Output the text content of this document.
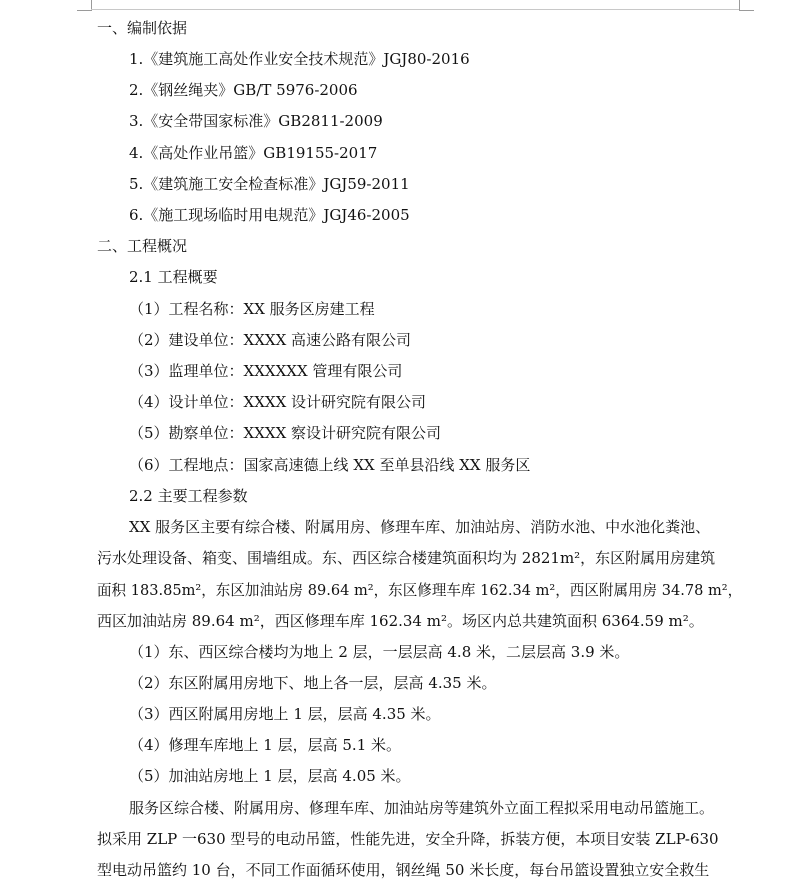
一、编制依据
1.《建筑施工高处作业安全技术规范》JGJ80-2016
2.《钢丝绳夹》GB/T 5976-2006
3.《安全带国家标准》GB2811-2009
4.《高处作业吊篮》GB19155-2017
5.《建筑施工安全检查标准》JGJ59-2011
6.《施工现场临时用电规范》JGJ46-2005
二、工程概况
2.1 工程概要
（1）工程名称：XX 服务区房建工程
（2）建设单位：XXXX 高速公路有限公司
（3）监理单位：XXXXXX 管理有限公司
（4）设计单位：XXXX 设计研究院有限公司
（5）勘察单位：XXXX 察设计研究院有限公司
（6）工程地点：国家高速德上线 XX 至单县沿线 XX 服务区
2.2 主要工程参数
XX 服务区主要有综合楼、附属用房、修理车库、加油站房、消防水池、中水池化粪池、
污水处理设备、箱变、围墙组成。东、西区综合楼建筑面积均为 2821m²，东区附属用房建筑
面积 183.85m²，东区加油站房 89.64 m²，东区修理车库 162.34 m²，西区附属用房 34.78 m²，
西区加油站房 89.64 m²，西区修理车库 162.34 m²。场区内总共建筑面积 6364.59 m²。
（1）东、西区综合楼均为地上 2 层，一层层高 4.8 米，二层层高 3.9 米。
（2）东区附属用房地下、地上各一层，层高 4.35 米。
（3）西区附属用房地上 1 层，层高 4.35 米。
（4）修理车库地上 1 层，层高 5.1 米。
（5）加油站房地上 1 层，层高 4.05 米。
服务区综合楼、附属用房、修理车库、加油站房等建筑外立面工程拟采用电动吊篮施工。
拟采用 ZLP 一630 型号的电动吊篮，性能先进，安全升降，拆装方便，本项目安装 ZLP-630
型电动吊篮约 10 台，不同工作面循环使用，钢丝绳 50 米长度，每台吊篮设置独立安全救生
